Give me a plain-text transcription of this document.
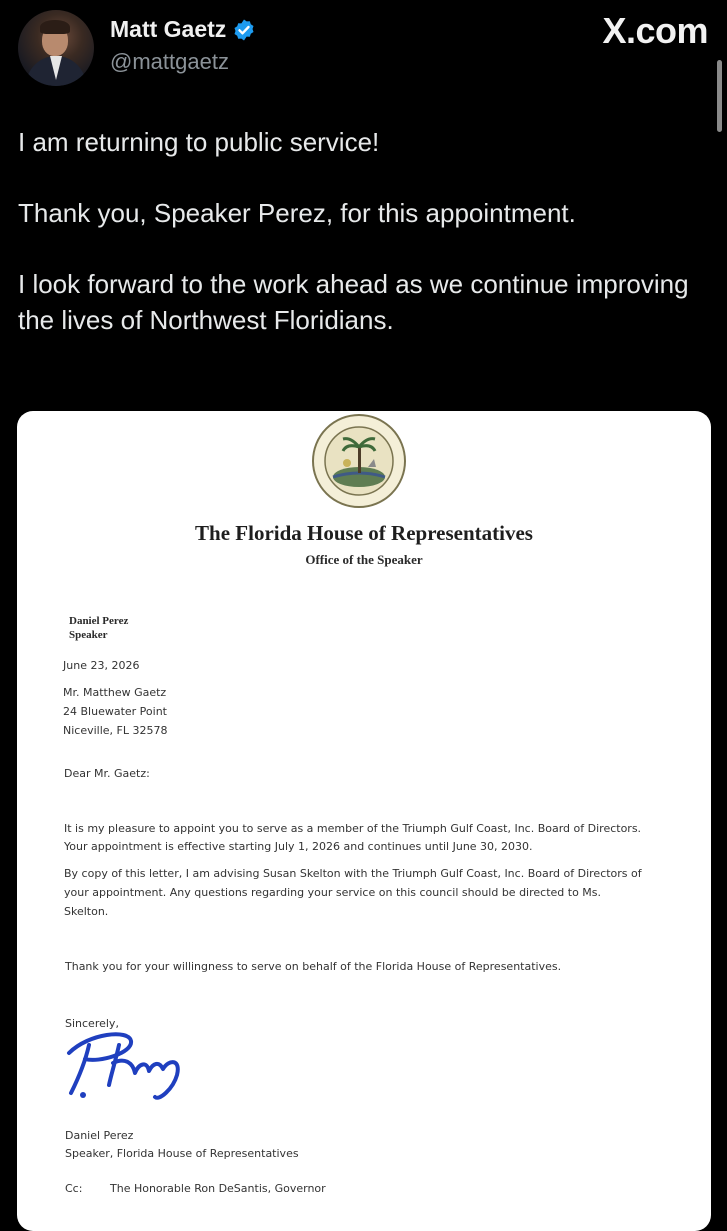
Matt Gaetz
@mattgaetz
X.com

I am returning to public service!

Thank you, Speaker Perez, for this appointment.

I look forward to the work ahead as we continue improving the lives of Northwest Floridians.

The Florida House of Representatives
Office of the Speaker
Daniel Perez
Speaker
June 23, 2026
Mr. Matthew Gaetz
24 Bluewater Point
Niceville, FL 32578
Dear Mr. Gaetz:
It is my pleasure to appoint you to serve as a member of the Triumph Gulf Coast, Inc. Board of Directors.
Your appointment is effective starting July 1, 2026 and continues until June 30, 2030.
By copy of this letter, I am advising Susan Skelton with the Triumph Gulf Coast, Inc. Board of Directors of
your appointment. Any questions regarding your service on this council should be directed to Ms.
Skelton.
Thank you for your willingness to serve on behalf of the Florida House of Representatives.
Sincerely,
Daniel Perez
Speaker, Florida House of Representatives
Cc:	The Honorable Ron DeSantis, Governor
